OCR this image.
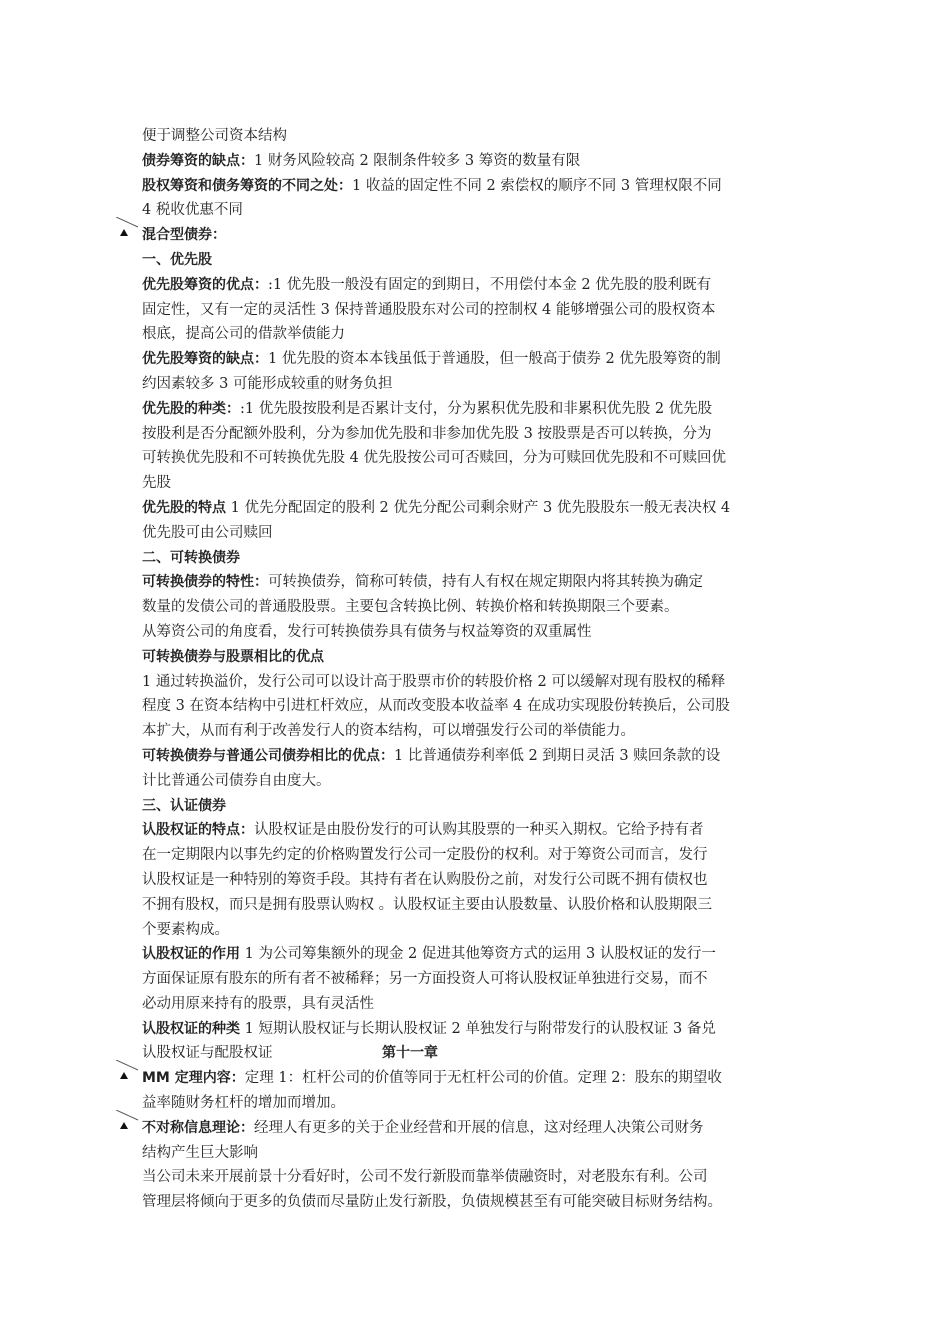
便于调整公司资本结构
债券筹资的缺点：1 财务风险较高 2 限制条件较多 3 筹资的数量有限
股权筹资和债务筹资的不同之处：1 收益的固定性不同 2 索偿权的顺序不同 3 管理权限不同
4 税收优惠不同
混合型债券：
一、优先股
优先股筹资的优点：:1 优先股一般没有固定的到期日，不用偿付本金 2 优先股的股利既有
固定性，又有一定的灵活性 3 保持普通股股东对公司的控制权 4 能够增强公司的股权资本
根底，提高公司的借款举债能力
优先股筹资的缺点：1 优先股的资本本钱虽低于普通股，但一般高于债券 2 优先股筹资的制
约因素较多 3 可能形成较重的财务负担
优先股的种类：:1 优先股按股利是否累计支付，分为累积优先股和非累积优先股 2 优先股
按股利是否分配额外股利，分为参加优先股和非参加优先股 3 按股票是否可以转换，分为
可转换优先股和不可转换优先股 4 优先股按公司可否赎回，分为可赎回优先股和不可赎回优
先股
优先股的特点 1 优先分配固定的股利 2 优先分配公司剩余财产 3 优先股股东一般无表决权 4
优先股可由公司赎回
二、可转换债券
可转换债券的特性：可转换债券，简称可转债，持有人有权在规定期限内将其转换为确定
数量的发债公司的普通股股票。主要包含转换比例、转换价格和转换期限三个要素。
从筹资公司的角度看，发行可转换债券具有债务与权益筹资的双重属性
可转换债券与股票相比的优点
1 通过转换溢价，发行公司可以设计高于股票市价的转股价格 2 可以缓解对现有股权的稀释
程度 3 在资本结构中引进杠杆效应，从而改变股本收益率 4 在成功实现股份转换后，公司股
本扩大，从而有利于改善发行人的资本结构，可以增强发行公司的举债能力。
可转换债券与普通公司债券相比的优点：1 比普通债券利率低 2 到期日灵活 3 赎回条款的设
计比普通公司债券自由度大。
三、认证债券
认股权证的特点：认股权证是由股份发行的可认购其股票的一种买入期权。它给予持有者
在一定期限内以事先约定的价格购置发行公司一定股份的权利。对于筹资公司而言，发行
认股权证是一种特别的筹资手段。其持有者在认购股份之前，对发行公司既不拥有债权也
不拥有股权，而只是拥有股票认购权 。认股权证主要由认股数量、认股价格和认股期限三
个要素构成。
认股权证的作用 1 为公司筹集额外的现金 2 促进其他筹资方式的运用 3 认股权证的发行一
方面保证原有股东的所有者不被稀释；另一方面投资人可将认股权证单独进行交易，而不
必动用原来持有的股票，具有灵活性
认股权证的种类 1 短期认股权证与长期认股权证 2 单独发行与附带发行的认股权证 3 备兑
认股权证与配股权证	第十一章
MM 定理内容：定理 1：杠杆公司的价值等同于无杠杆公司的价值。定理 2：股东的期望收
益率随财务杠杆的增加而增加。
不对称信息理论：经理人有更多的关于企业经营和开展的信息，这对经理人决策公司财务
结构产生巨大影响
当公司未来开展前景十分看好时，公司不发行新股而靠举债融资时，对老股东有利。公司
管理层将倾向于更多的负债而尽量防止发行新股，负债规模甚至有可能突破目标财务结构。
